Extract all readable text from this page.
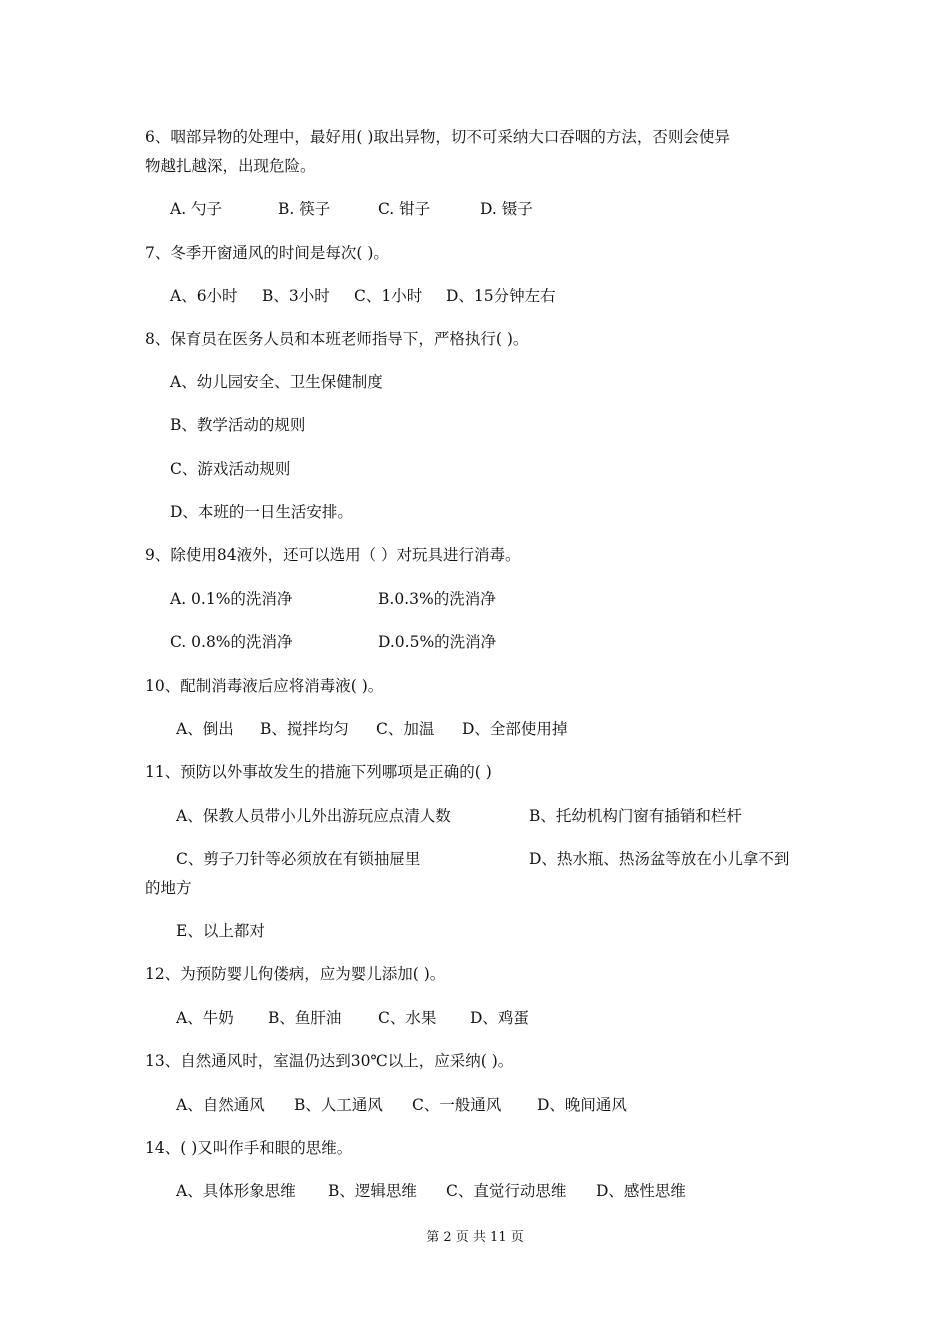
6、咽部异物的处理中，最好用( )取出异物，切不可采纳大口吞咽的方法，否则会使异
物越扎越深，出现危险。
A. 勺子	B. 筷子	C. 钳子	D. 镊子
7、冬季开窗通风的时间是每次( )。
A、6小时 B、3小时 C、1小时 D、15分钟左右
8、保育员在医务人员和本班老师指导下，严格执行( )。
A、幼儿园安全、卫生保健制度
B、教学活动的规则
C、游戏活动规则
D、本班的一日生活安排。
9、除使用84液外，还可以选用（ ）对玩具进行消毒。
A. 0.1%的洗消净	B.0.3%的洗消净
C. 0.8%的洗消净	D.0.5%的洗消净
10、配制消毒液后应将消毒液( )。
A、倒出 B、搅拌均匀 C、加温 D、全部使用掉
11、预防以外事故发生的措施下列哪项是正确的( )
A、保教人员带小儿外出游玩应点清人数	B、托幼机构门窗有插销和栏杆
C、剪子刀针等必须放在有锁抽屉里	D、热水瓶、热汤盆等放在小儿拿不到
的地方
E、以上都对
12、为预防婴儿佝偻病，应为婴儿添加( )。
A、牛奶 B、鱼肝油 C、水果 D、鸡蛋
13、自然通风时，室温仍达到30℃以上，应采纳( )。
A、自然通风 B、人工通风 C、一般通风 D、晚间通风
14、( )又叫作手和眼的思维。
A、具体形象思维 B、逻辑思维 C、直觉行动思维 D、感性思维
第 2 页 共 11 页
